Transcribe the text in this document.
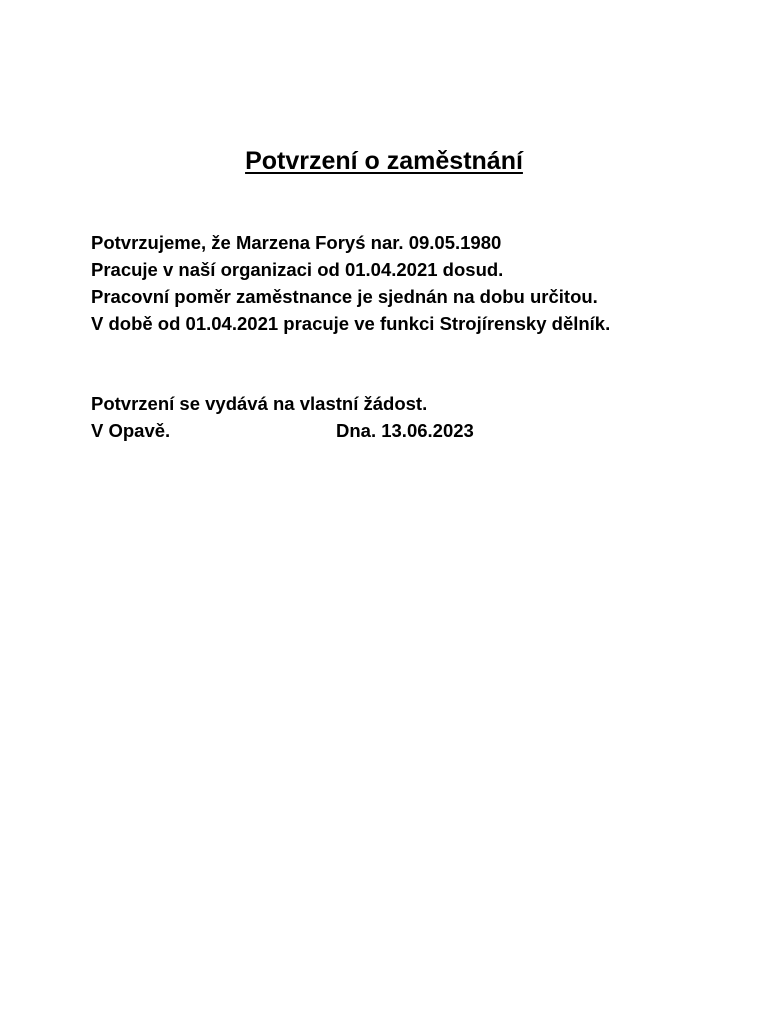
Potvrzení o zaměstnání
Potvrzujeme, že Marzena Foryś nar. 09.05.1980
Pracuje v naší organizaci od 01.04.2021 dosud.
Pracovní poměr zaměstnance je sjednán na dobu určitou.
V době od 01.04.2021 pracuje ve funkci Strojírensky dělník.
Potvrzení se vydává na vlastní žádost.
V Opavě.	Dna. 13.06.2023
